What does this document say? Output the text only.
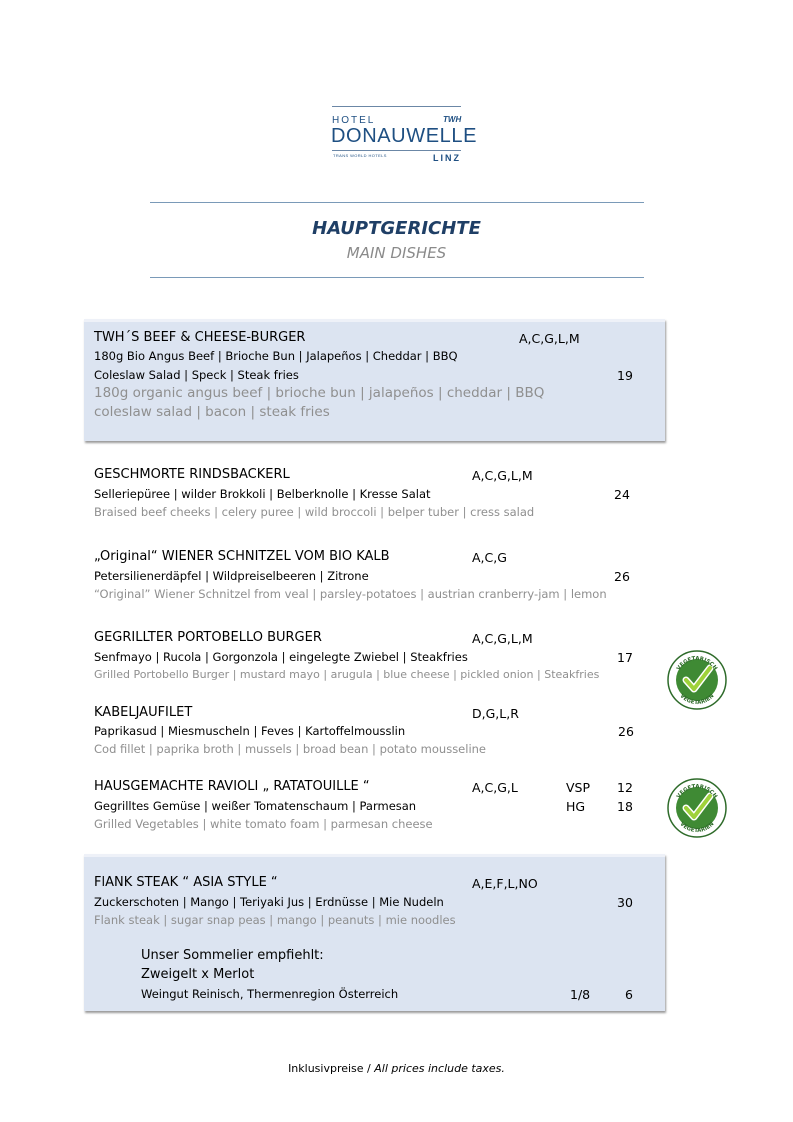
HOTEL	TWH
DONAUWELLE
TRANS WORLD HOTELS	LINZ
HAUPTGERICHTE
MAIN DISHES
TWH´S BEEF & CHEESE-BURGER	A,C,G,L,M
180g Bio Angus Beef | Brioche Bun | Jalapeños | Cheddar | BBQ
Coleslaw Salad | Speck | Steak fries	19
180g organic angus beef | brioche bun | jalapeños | cheddar | BBQ
coleslaw salad | bacon | steak fries
GESCHMORTE RINDSBACKERL	A,C,G,L,M
Selleriepüree | wilder Brokkoli | Belberknolle | Kresse Salat	24
Braised beef cheeks | celery puree | wild broccoli | belper tuber | cress salad
„Original“ WIENER SCHNITZEL VOM BIO KALB	A,C,G
Petersilienerdäpfel | Wildpreiselbeeren | Zitrone	26
“Original” Wiener Schnitzel from veal | parsley-potatoes | austrian cranberry-jam | lemon
GEGRILLTER PORTOBELLO BURGER	A,C,G,L,M
Senfmayo | Rucola | Gorgonzola | eingelegte Zwiebel | Steakfries	17
Grilled Portobello Burger | mustard mayo | arugula | blue cheese | pickled onion | Steakfries
KABELJAUFILET	D,G,L,R
Paprikasud | Miesmuscheln | Feves | Kartoffelmousslin	26
Cod fillet | paprika broth | mussels | broad bean | potato mousseline
HAUSGEMACHTE RAVIOLI „ RATATOUILLE “	A,C,G,L	VSP 12
Gegrilltes Gemüse | weißer Tomatenschaum | Parmesan	HG	18
Grilled Vegetables | white tomato foam | parmesan cheese
FlANK STEAK “ ASIA STYLE “	A,E,F,L,NO
Zuckerschoten | Mango | Teriyaki Jus | Erdnüsse | Mie Nudeln	30
Flank steak | sugar snap peas | mango | peanuts | mie noodles
Unser Sommelier empfiehlt:
Zweigelt x Merlot
Weingut Reinisch, Thermenregion Österreich	1/8	6
VEGETARISCH
VEGETARIEN
VEGETARISCH
VEGETARIEN
Inklusivpreise / All prices include taxes.
